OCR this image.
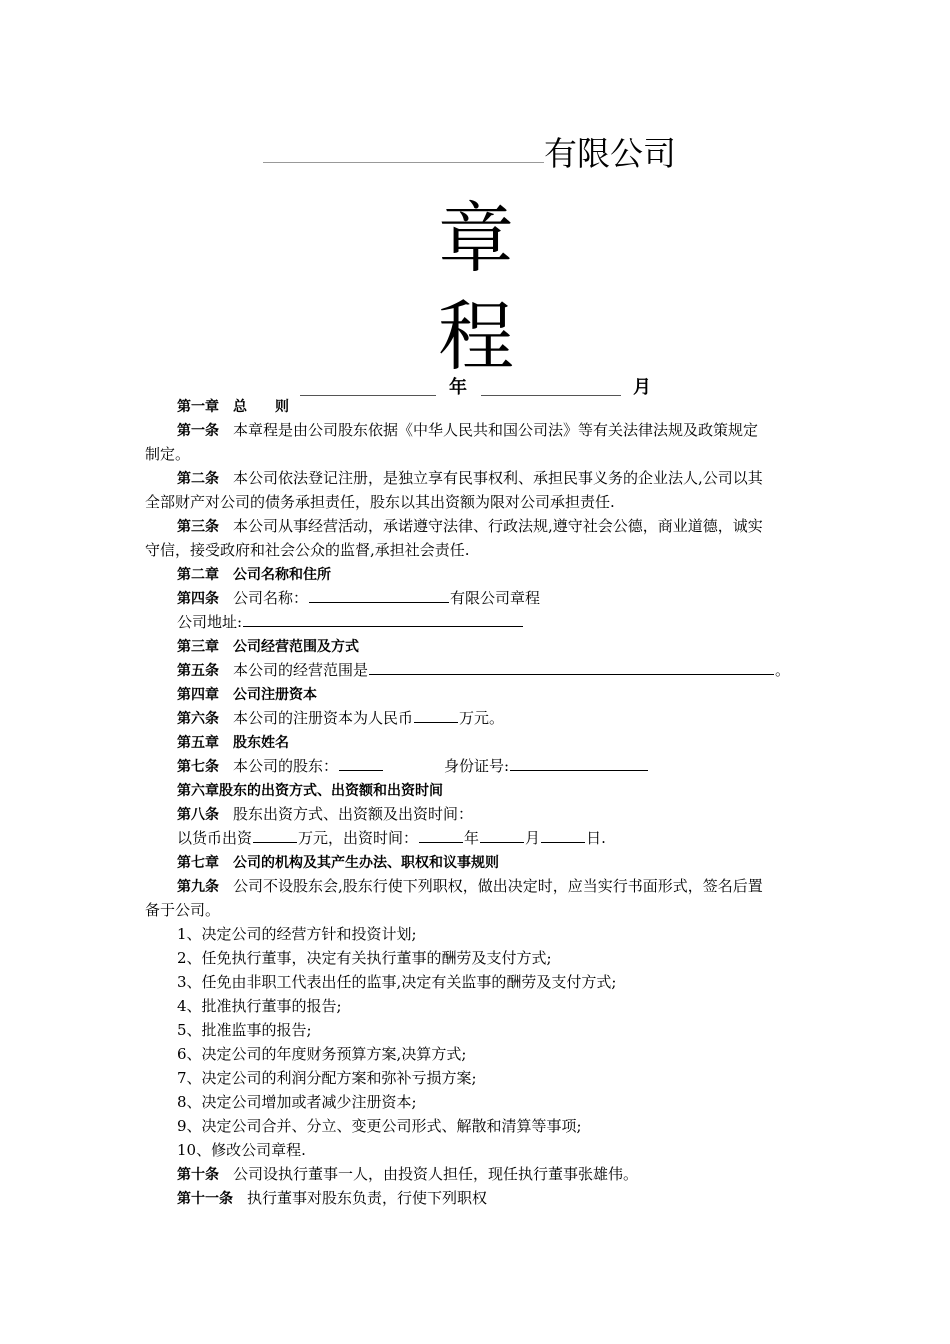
有限公司
章
程
年	月
第一章　总　　则
第一条 本章程是由公司股东依据《中华人民共和国公司法》等有关法律法规及政策规定
制定。
第二条 本公司依法登记注册，是独立享有民事权利、承担民事义务的企业法人,公司以其
全部财产对公司的债务承担责任，股东以其出资额为限对公司承担责任.
第三条 本公司从事经营活动，承诺遵守法律、行政法规,遵守社会公德，商业道德，诚实
守信，接受政府和社会公众的监督,承担社会责任.
第二章　公司名称和住所
第四条 公司名称：	有限公司章程
公司地址:
第三章　公司经营范围及方式
第五条 本公司的经营范围是	。
第四章　公司注册资本
第六条 本公司的注册资本为人民币	万元。
第五章　股东姓名
第七条 本公司的股东：	身份证号:
第六章股东的出资方式、出资额和出资时间
第八条 股东出资方式、出资额及出资时间：
以货币出资	万元，出资时间：	年	月	日.
第七章　公司的机构及其产生办法、职权和议事规则
第九条 公司不设股东会,股东行使下列职权，做出决定时，应当实行书面形式，签名后置
备于公司。
1、决定公司的经营方针和投资计划;
2、任免执行董事，决定有关执行董事的酬劳及支付方式;
3、任免由非职工代表出任的监事,决定有关监事的酬劳及支付方式;
4、批准执行董事的报告;
5、批准监事的报告;
6、决定公司的年度财务预算方案,决算方式;
7、决定公司的利润分配方案和弥补亏损方案;
8、决定公司增加或者减少注册资本;
9、决定公司合并、分立、变更公司形式、解散和清算等事项;
10、修改公司章程.
第十条 公司设执行董事一人，由投资人担任，现任执行董事张雄伟。
第十一条 执行董事对股东负责，行使下列职权
